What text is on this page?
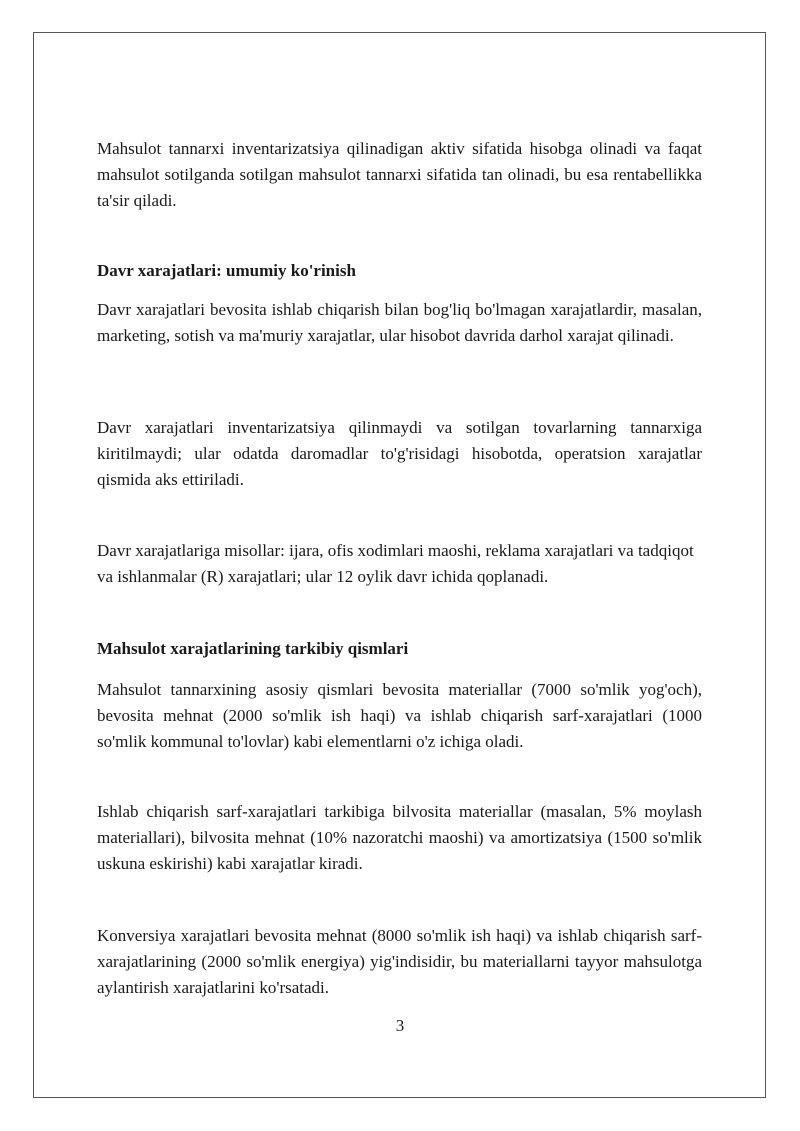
Mahsulot tannarxi inventarizatsiya qilinadigan aktiv sifatida hisobga olinadi va faqat mahsulot sotilganda sotilgan mahsulot tannarxi sifatida tan olinadi, bu esa rentabellikka ta'sir qiladi.

Davr xarajatlari: umumiy ko'rinish

Davr xarajatlari bevosita ishlab chiqarish bilan bog'liq bo'lmagan xarajatlardir, masalan, marketing, sotish va ma'muriy xarajatlar, ular hisobot davrida darhol xarajat qilinadi.

Davr xarajatlari inventarizatsiya qilinmaydi va sotilgan tovarlarning tannarxiga kiritilmaydi; ular odatda daromadlar to'g'risidagi hisobotda, operatsion xarajatlar qismida aks ettiriladi.

Davr xarajatlariga misollar: ijara, ofis xodimlari maoshi, reklama xarajatlari va tadqiqot va ishlanmalar (R) xarajatlari; ular 12 oylik davr ichida qoplanadi.

Mahsulot xarajatlarining tarkibiy qismlari

Mahsulot tannarxining asosiy qismlari bevosita materiallar (7000 so'mlik yog'och), bevosita mehnat (2000 so'mlik ish haqi) va ishlab chiqarish sarf-xarajatlari (1000 so'mlik kommunal to'lovlar) kabi elementlarni o'z ichiga oladi.

Ishlab chiqarish sarf-xarajatlari tarkibiga bilvosita materiallar (masalan, 5% moylash materiallari), bilvosita mehnat (10% nazoratchi maoshi) va amortizatsiya (1500 so'mlik uskuna eskirishi) kabi xarajatlar kiradi.

Konversiya xarajatlari bevosita mehnat (8000 so'mlik ish haqi) va ishlab chiqarish sarf-xarajatlarining (2000 so'mlik energiya) yig'indisidir, bu materiallarni tayyor mahsulotga aylantirish xarajatlarini ko'rsatadi.

3
